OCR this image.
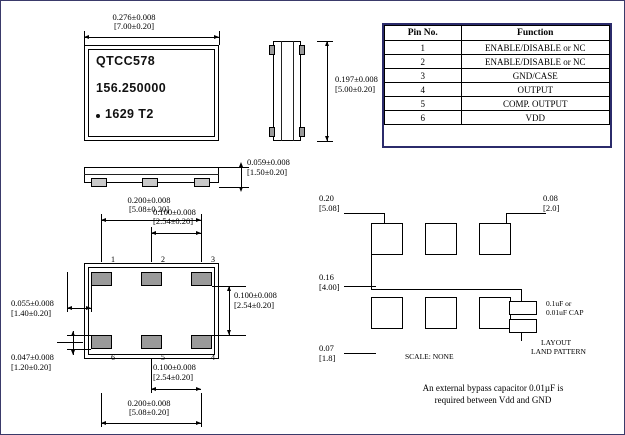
0.276±0.008
[7.00±0.20]
QTCC578
156.250000
1629 T2
0.197±0.008
[5.00±0.20]
0.059±0.008
[1.50±0.20]
0.200±0.008
[5.08±0.20]
0.100±0.008
[2.54±0.20]
1	2	3
6	5	4
0.100±0.008
[2.54±0.20]
0.055±0.008
[1.40±0.20]
0.047±0.008
[1.20±0.20]	0.100±0.008
[2.54±0.20]
0.200±0.008
[5.08±0.20]
Pin No.	Function
1	ENABLE/DISABLE or NC
2	ENABLE/DISABLE or NC
3	GND/CASE
4	OUTPUT
5	COMP. OUTPUT
6	VDD
0.20
[5.08]
0.08
[2.0]
0.16
[4.00]
0.07
[1.8]
0.1uF or
0.01uF CAP
SCALE: NONE
LAYOUT
LAND PATTERN
An external bypass capacitor 0.01µF is
required between Vdd and GND
